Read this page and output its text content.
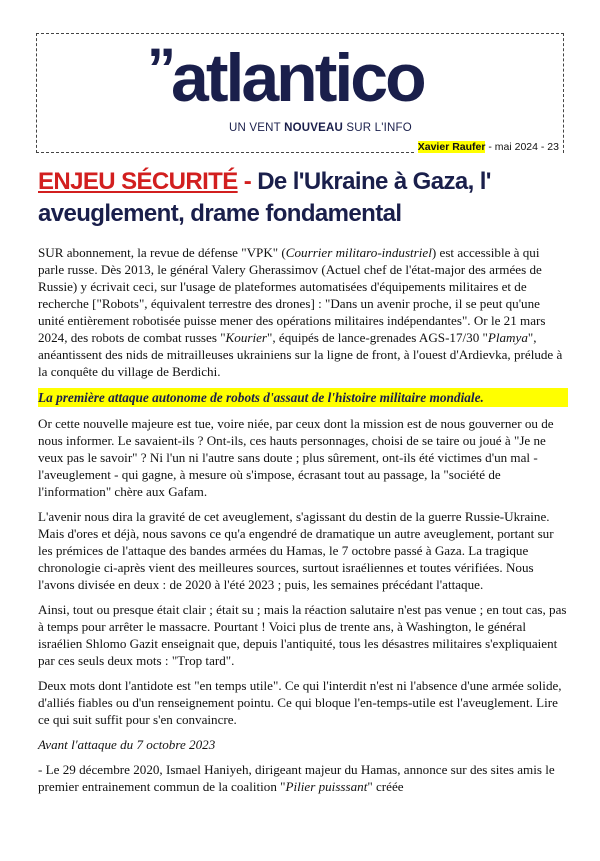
”
atlantico
UN VENT NOUVEAU SUR L'INFO
Xavier Raufer - mai 2024 - 23
ENJEU SÉCURITÉ - De l'Ukraine à Gaza, l' aveuglement, drame fondamental

SUR abonnement, la revue de défense "VPK" (Courrier militaro-industriel) est accessible à qui parle russe. Dès 2013, le général Valery Gherassimov (Actuel chef de l'état-major des armées de Russie) y écrivait ceci, sur l'usage de plateformes automatisées d'équipements militaires et de recherche ["Robots", équivalent terrestre des drones] : "Dans un avenir proche, il se peut qu'une unité entièrement robotisée puisse mener des opérations militaires indépendantes". Or le 21 mars 2024, des robots de combat russes "Kourier", équipés de lance-grenades AGS-17/30 "Plamya", anéantissent des nids de mitrailleuses ukrainiens sur la ligne de front, à l'ouest d'Ardievka, prélude à la conquête du village de Berdichi.

La première attaque autonome de robots d'assaut de l'histoire militaire mondiale.

Or cette nouvelle majeure est tue, voire niée, par ceux dont la mission est de nous gouverner ou de nous informer. Le savaient-ils ? Ont-ils, ces hauts personnages, choisi de se taire ou joué à "Je ne veux pas le savoir" ? Ni l'un ni l'autre sans doute ; plus sûrement, ont-ils été victimes d'un mal - l'aveuglement - qui gagne, à mesure où s'impose, écrasant tout au passage, la "société de l'information" chère aux Gafam.

L'avenir nous dira la gravité de cet aveuglement, s'agissant du destin de la guerre Russie-Ukraine. Mais d'ores et déjà, nous savons ce qu'a engendré de dramatique un autre aveuglement, portant sur les prémices de l'attaque des bandes armées du Hamas, le 7 octobre passé à Gaza. La tragique chronologie ci-après vient des meilleures sources, surtout israéliennes et toutes vérifiées. Nous l'avons divisée en deux : de 2020 à l'été 2023 ; puis, les semaines précédant l'attaque.

Ainsi, tout ou presque était clair ; était su ; mais la réaction salutaire n'est pas venue ; en tout cas, pas à temps pour arrêter le massacre. Pourtant ! Voici plus de trente ans, à Washington, le général israélien Shlomo Gazit enseignait que, depuis l'antiquité, tous les désastres militaires s'expliquaient par ces seuls deux mots : "Trop tard".

Deux mots dont l'antidote est "en temps utile". Ce qui l'interdit n'est ni l'absence d'une armée solide, d'alliés fiables ou d'un renseignement pointu. Ce qui bloque l'en-temps-utile est l'aveuglement. Lire ce qui suit suffit pour s'en convaincre.

Avant l'attaque du 7 octobre 2023

- Le 29 décembre 2020, Ismael Haniyeh, dirigeant majeur du Hamas, annonce sur des sites amis le premier entrainement commun de la coalition "Pilier puisssant" créée
